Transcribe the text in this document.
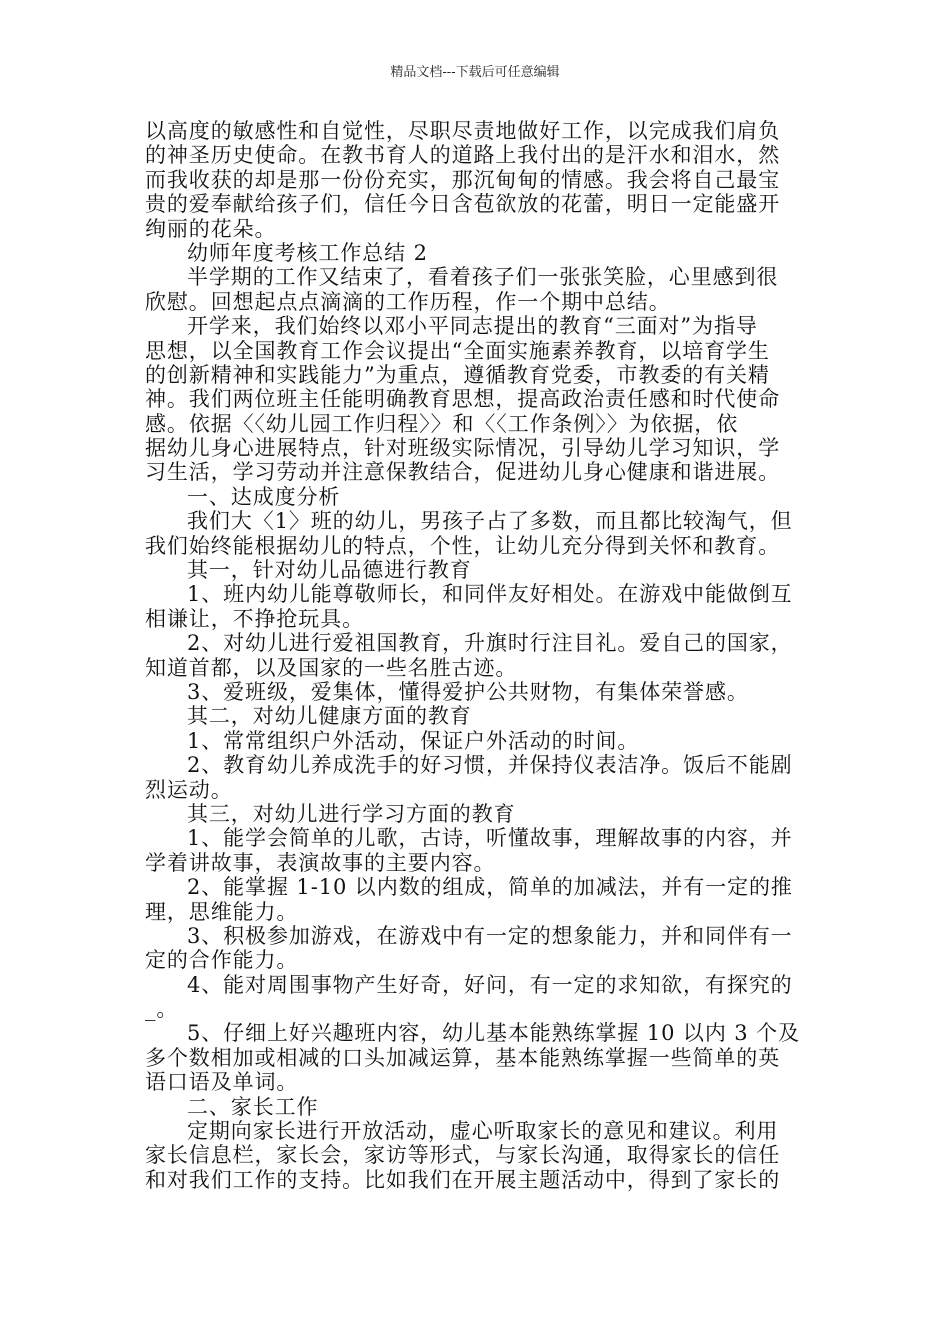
精品文档---下载后可任意编辑
以高度的敏感性和自觉性，尽职尽责地做好工作，以完成我们肩负
的神圣历史使命。在教书育人的道路上我付出的是汗水和泪水，然
而我收获的却是那一份份充实，那沉甸甸的情感。我会将自己最宝
贵的爱奉献给孩子们，信任今日含苞欲放的花蕾，明日一定能盛开
绚丽的花朵。
幼师年度考核工作总结 2
半学期的工作又结束了，看着孩子们一张张笑脸，心里感到很
欣慰。回想起点点滴滴的工作历程，作一个期中总结。
开学来，我们始终以邓小平同志提出的教育“三面对”为指导
思想，以全国教育工作会议提出“全面实施素养教育，以培育学生
的创新精神和实践能力”为重点，遵循教育党委，市教委的有关精
神。我们两位班主任能明确教育思想，提高政治责任感和时代使命
感。依据〈〈幼儿园工作归程〉〉和〈〈工作条例〉〉为依据，依
据幼儿身心进展特点，针对班级实际情况，引导幼儿学习知识，学
习生活，学习劳动并注意保教结合，促进幼儿身心健康和谐进展。
一、达成度分析
我们大〈1〉班的幼儿，男孩子占了多数，而且都比较淘气，但
我们始终能根据幼儿的特点，个性，让幼儿充分得到关怀和教育。
其一，针对幼儿品德进行教育
1、班内幼儿能尊敬师长，和同伴友好相处。在游戏中能做倒互
相谦让，不挣抢玩具。
2、对幼儿进行爱祖国教育，升旗时行注目礼。爱自己的国家，
知道首都，以及国家的一些名胜古迹。
3、爱班级，爱集体，懂得爱护公共财物，有集体荣誉感。
其二，对幼儿健康方面的教育
1、常常组织户外活动，保证户外活动的时间。
2、教育幼儿养成洗手的好习惯，并保持仪表洁净。饭后不能剧
烈运动。
其三，对幼儿进行学习方面的教育
1、能学会简单的儿歌，古诗，听懂故事，理解故事的内容，并
学着讲故事，表演故事的主要内容。
2、能掌握 1-10 以内数的组成，简单的加减法，并有一定的推
理，思维能力。
3、积极参加游戏，在游戏中有一定的想象能力，并和同伴有一
定的合作能力。
4、能对周围事物产生好奇，好问，有一定的求知欲，有探究的
_。
5、仔细上好兴趣班内容，幼儿基本能熟练掌握 10 以内 3 个及
多个数相加或相减的口头加减运算，基本能熟练掌握一些简单的英
语口语及单词。
二、家长工作
定期向家长进行开放活动，虚心听取家长的意见和建议。利用
家长信息栏，家长会，家访等形式，与家长沟通，取得家长的信任
和对我们工作的支持。比如我们在开展主题活动中，得到了家长的
